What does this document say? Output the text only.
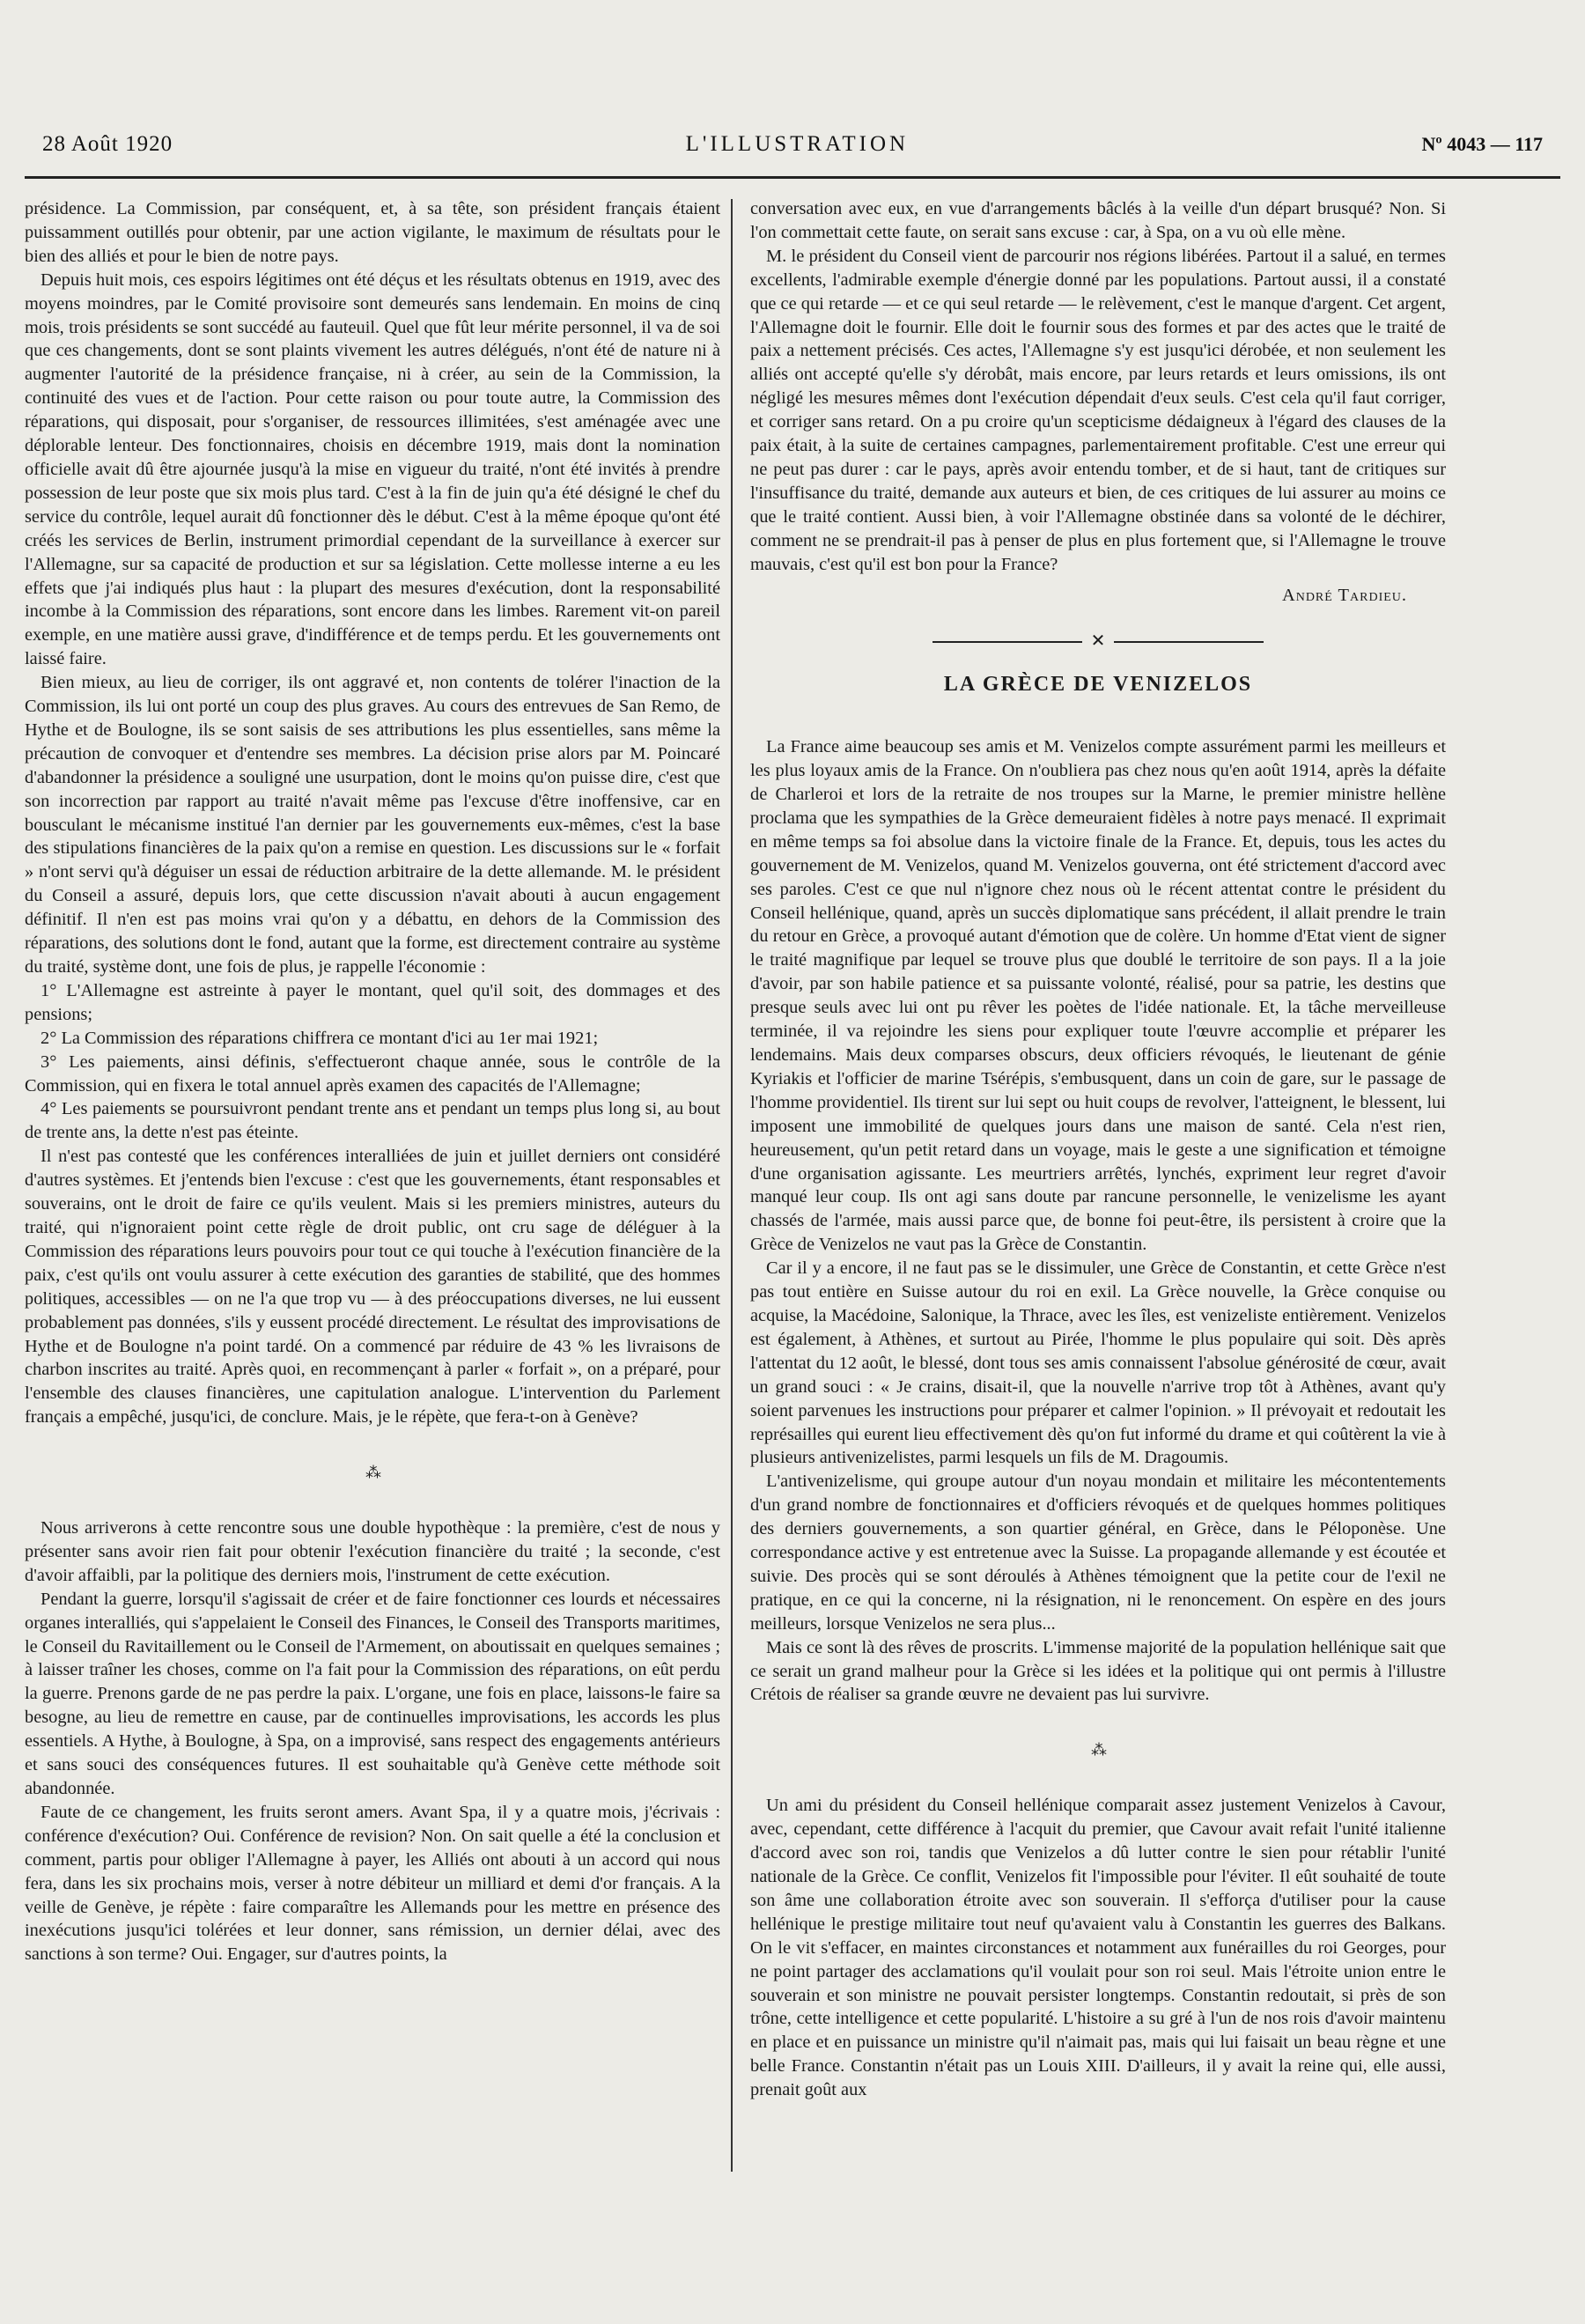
28 Août 1920	L'ILLUSTRATION	Nº 4043 — 117

présidence. La Commission, par conséquent, et, à sa tête, son président français étaient puissamment outillés pour obtenir, par une action vigilante, le maximum de résultats pour le bien des alliés et pour le bien de notre pays.

Depuis huit mois, ces espoirs légitimes ont été déçus et les résultats obtenus en 1919, avec des moyens moindres, par le Comité provisoire sont demeurés sans lendemain. En moins de cinq mois, trois présidents se sont succédé au fauteuil. Quel que fût leur mérite personnel, il va de soi que ces changements, dont se sont plaints vivement les autres délégués, n'ont été de nature ni à augmenter l'autorité de la présidence française, ni à créer, au sein de la Commission, la continuité des vues et de l'action. Pour cette raison ou pour toute autre, la Commission des réparations, qui disposait, pour s'organiser, de ressources illimitées, s'est aménagée avec une déplorable lenteur. Des fonctionnaires, choisis en décembre 1919, mais dont la nomination officielle avait dû être ajournée jusqu'à la mise en vigueur du traité, n'ont été invités à prendre possession de leur poste que six mois plus tard. C'est à la fin de juin qu'a été désigné le chef du service du contrôle, lequel aurait dû fonctionner dès le début. C'est à la même époque qu'ont été créés les services de Berlin, instrument primordial cependant de la surveillance à exercer sur l'Allemagne, sur sa capacité de production et sur sa législation. Cette mollesse interne a eu les effets que j'ai indiqués plus haut : la plupart des mesures d'exécution, dont la responsabilité incombe à la Commission des réparations, sont encore dans les limbes. Rarement vit-on pareil exemple, en une matière aussi grave, d'indifférence et de temps perdu. Et les gouvernements ont laissé faire.

Bien mieux, au lieu de corriger, ils ont aggravé et, non contents de tolérer l'inaction de la Commission, ils lui ont porté un coup des plus graves. Au cours des entrevues de San Remo, de Hythe et de Boulogne, ils se sont saisis de ses attributions les plus essentielles, sans même la précaution de convoquer et d'entendre ses membres. La décision prise alors par M. Poincaré d'abandonner la présidence a souligné une usurpation, dont le moins qu'on puisse dire, c'est que son incorrection par rapport au traité n'avait même pas l'excuse d'être inoffensive, car en bousculant le mécanisme institué l'an dernier par les gouvernements eux-mêmes, c'est la base des stipulations financières de la paix qu'on a remise en question. Les discussions sur le « forfait » n'ont servi qu'à déguiser un essai de réduction arbitraire de la dette allemande. M. le président du Conseil a assuré, depuis lors, que cette discussion n'avait abouti à aucun engagement définitif. Il n'en est pas moins vrai qu'on y a débattu, en dehors de la Commission des réparations, des solutions dont le fond, autant que la forme, est directement contraire au système du traité, système dont, une fois de plus, je rappelle l'économie :

1° L'Allemagne est astreinte à payer le montant, quel qu'il soit, des dommages et des pensions;

2° La Commission des réparations chiffrera ce montant d'ici au 1er mai 1921;

3° Les paiements, ainsi définis, s'effectueront chaque année, sous le contrôle de la Commission, qui en fixera le total annuel après examen des capacités de l'Allemagne;

4° Les paiements se poursuivront pendant trente ans et pendant un temps plus long si, au bout de trente ans, la dette n'est pas éteinte.

Il n'est pas contesté que les conférences interalliées de juin et juillet derniers ont considéré d'autres systèmes. Et j'entends bien l'excuse : c'est que les gouvernements, étant responsables et souverains, ont le droit de faire ce qu'ils veulent. Mais si les premiers ministres, auteurs du traité, qui n'ignoraient point cette règle de droit public, ont cru sage de déléguer à la Commission des réparations leurs pouvoirs pour tout ce qui touche à l'exécution financière de la paix, c'est qu'ils ont voulu assurer à cette exécution des garanties de stabilité, que des hommes politiques, accessibles — on ne l'a que trop vu — à des préoccupations diverses, ne lui eussent probablement pas données, s'ils y eussent procédé directement. Le résultat des improvisations de Hythe et de Boulogne n'a point tardé. On a commencé par réduire de 43 % les livraisons de charbon inscrites au traité. Après quoi, en recommençant à parler « forfait », on a préparé, pour l'ensemble des clauses financières, une capitulation analogue. L'intervention du Parlement français a empêché, jusqu'ici, de conclure. Mais, je le répète, que fera-t-on à Genève?

⁂

Nous arriverons à cette rencontre sous une double hypothèque : la première, c'est de nous y présenter sans avoir rien fait pour obtenir l'exécution financière du traité ; la seconde, c'est d'avoir affaibli, par la politique des derniers mois, l'instrument de cette exécution.

Pendant la guerre, lorsqu'il s'agissait de créer et de faire fonctionner ces lourds et nécessaires organes interalliés, qui s'appelaient le Conseil des Finances, le Conseil des Transports maritimes, le Conseil du Ravitaillement ou le Conseil de l'Armement, on aboutissait en quelques semaines ; à laisser traîner les choses, comme on l'a fait pour la Commission des réparations, on eût perdu la guerre. Prenons garde de ne pas perdre la paix. L'organe, une fois en place, laissons-le faire sa besogne, au lieu de remettre en cause, par de continuelles improvisations, les accords les plus essentiels. A Hythe, à Boulogne, à Spa, on a improvisé, sans respect des engagements antérieurs et sans souci des conséquences futures. Il est souhaitable qu'à Genève cette méthode soit abandonnée.

Faute de ce changement, les fruits seront amers. Avant Spa, il y a quatre mois, j'écrivais : conférence d'exécution? Oui. Conférence de revision? Non. On sait quelle a été la conclusion et comment, partis pour obliger l'Allemagne à payer, les Alliés ont abouti à un accord qui nous fera, dans les six prochains mois, verser à notre débiteur un milliard et demi d'or français. A la veille de Genève, je répète : faire comparaître les Allemands pour les mettre en présence des inexécutions jusqu'ici tolérées et leur donner, sans rémission, un dernier délai, avec des sanctions à son terme? Oui. Engager, sur d'autres points, la

conversation avec eux, en vue d'arrangements bâclés à la veille d'un départ brusqué? Non. Si l'on commettait cette faute, on serait sans excuse : car, à Spa, on a vu où elle mène.

M. le président du Conseil vient de parcourir nos régions libérées. Partout il a salué, en termes excellents, l'admirable exemple d'énergie donné par les populations. Partout aussi, il a constaté que ce qui retarde — et ce qui seul retarde — le relèvement, c'est le manque d'argent. Cet argent, l'Allemagne doit le fournir. Elle doit le fournir sous des formes et par des actes que le traité de paix a nettement précisés. Ces actes, l'Allemagne s'y est jusqu'ici dérobée, et non seulement les alliés ont accepté qu'elle s'y dérobât, mais encore, par leurs retards et leurs omissions, ils ont négligé les mesures mêmes dont l'exécution dépendait d'eux seuls. C'est cela qu'il faut corriger, et corriger sans retard. On a pu croire qu'un scepticisme dédaigneux à l'égard des clauses de la paix était, à la suite de certaines campagnes, parlementairement profitable. C'est une erreur qui ne peut pas durer : car le pays, après avoir entendu tomber, et de si haut, tant de critiques sur l'insuffisance du traité, demande aux auteurs et bien, de ces critiques de lui assurer au moins ce que le traité contient. Aussi bien, à voir l'Allemagne obstinée dans sa volonté de le déchirer, comment ne se prendrait-il pas à penser de plus en plus fortement que, si l'Allemagne le trouve mauvais, c'est qu'il est bon pour la France?

André Tardieu.
✕
LA GRÈCE DE VENIZELOS

La France aime beaucoup ses amis et M. Venizelos compte assurément parmi les meilleurs et les plus loyaux amis de la France. On n'oubliera pas chez nous qu'en août 1914, après la défaite de Charleroi et lors de la retraite de nos troupes sur la Marne, le premier ministre hellène proclama que les sympathies de la Grèce demeuraient fidèles à notre pays menacé. Il exprimait en même temps sa foi absolue dans la victoire finale de la France. Et, depuis, tous les actes du gouvernement de M. Venizelos, quand M. Venizelos gouverna, ont été strictement d'accord avec ses paroles. C'est ce que nul n'ignore chez nous où le récent attentat contre le président du Conseil hellénique, quand, après un succès diplomatique sans précédent, il allait prendre le train du retour en Grèce, a provoqué autant d'émotion que de colère. Un homme d'Etat vient de signer le traité magnifique par lequel se trouve plus que doublé le territoire de son pays. Il a la joie d'avoir, par son habile patience et sa puissante volonté, réalisé, pour sa patrie, les destins que presque seuls avec lui ont pu rêver les poètes de l'idée nationale. Et, la tâche merveilleuse terminée, il va rejoindre les siens pour expliquer toute l'œuvre accomplie et préparer les lendemains. Mais deux comparses obscurs, deux officiers révoqués, le lieutenant de génie Kyriakis et l'officier de marine Tsérépis, s'embusquent, dans un coin de gare, sur le passage de l'homme providentiel. Ils tirent sur lui sept ou huit coups de revolver, l'atteignent, le blessent, lui imposent une immobilité de quelques jours dans une maison de santé. Cela n'est rien, heureusement, qu'un petit retard dans un voyage, mais le geste a une signification et témoigne d'une organisation agissante. Les meurtriers arrêtés, lynchés, expriment leur regret d'avoir manqué leur coup. Ils ont agi sans doute par rancune personnelle, le venizelisme les ayant chassés de l'armée, mais aussi parce que, de bonne foi peut-être, ils persistent à croire que la Grèce de Venizelos ne vaut pas la Grèce de Constantin.

Car il y a encore, il ne faut pas se le dissimuler, une Grèce de Constantin, et cette Grèce n'est pas tout entière en Suisse autour du roi en exil. La Grèce nouvelle, la Grèce conquise ou acquise, la Macédoine, Salonique, la Thrace, avec les îles, est venizeliste entièrement. Venizelos est également, à Athènes, et surtout au Pirée, l'homme le plus populaire qui soit. Dès après l'attentat du 12 août, le blessé, dont tous ses amis connaissent l'absolue générosité de cœur, avait un grand souci : « Je crains, disait-il, que la nouvelle n'arrive trop tôt à Athènes, avant qu'y soient parvenues les instructions pour préparer et calmer l'opinion. » Il prévoyait et redoutait les représailles qui eurent lieu effectivement dès qu'on fut informé du drame et qui coûtèrent la vie à plusieurs antivenizelistes, parmi lesquels un fils de M. Dragoumis.

L'antivenizelisme, qui groupe autour d'un noyau mondain et militaire les mécontentements d'un grand nombre de fonctionnaires et d'officiers révoqués et de quelques hommes politiques des derniers gouvernements, a son quartier général, en Grèce, dans le Péloponèse. Une correspondance active y est entretenue avec la Suisse. La propagande allemande y est écoutée et suivie. Des procès qui se sont déroulés à Athènes témoignent que la petite cour de l'exil ne pratique, en ce qui la concerne, ni la résignation, ni le renoncement. On espère en des jours meilleurs, lorsque Venizelos ne sera plus...

Mais ce sont là des rêves de proscrits. L'immense majorité de la population hellénique sait que ce serait un grand malheur pour la Grèce si les idées et la politique qui ont permis à l'illustre Crétois de réaliser sa grande œuvre ne devaient pas lui survivre.

⁂

Un ami du président du Conseil hellénique comparait assez justement Venizelos à Cavour, avec, cependant, cette différence à l'acquit du premier, que Cavour avait refait l'unité italienne d'accord avec son roi, tandis que Venizelos a dû lutter contre le sien pour rétablir l'unité nationale de la Grèce. Ce conflit, Venizelos fit l'impossible pour l'éviter. Il eût souhaité de toute son âme une collaboration étroite avec son souverain. Il s'efforça d'utiliser pour la cause hellénique le prestige militaire tout neuf qu'avaient valu à Constantin les guerres des Balkans. On le vit s'effacer, en maintes circonstances et notamment aux funérailles du roi Georges, pour ne point partager des acclamations qu'il voulait pour son roi seul. Mais l'étroite union entre le souverain et son ministre ne pouvait persister longtemps. Constantin redoutait, si près de son trône, cette intelligence et cette popularité. L'histoire a su gré à l'un de nos rois d'avoir maintenu en place et en puissance un ministre qu'il n'aimait pas, mais qui lui faisait un beau règne et une belle France. Constantin n'était pas un Louis XIII. D'ailleurs, il y avait la reine qui, elle aussi, prenait goût aux
